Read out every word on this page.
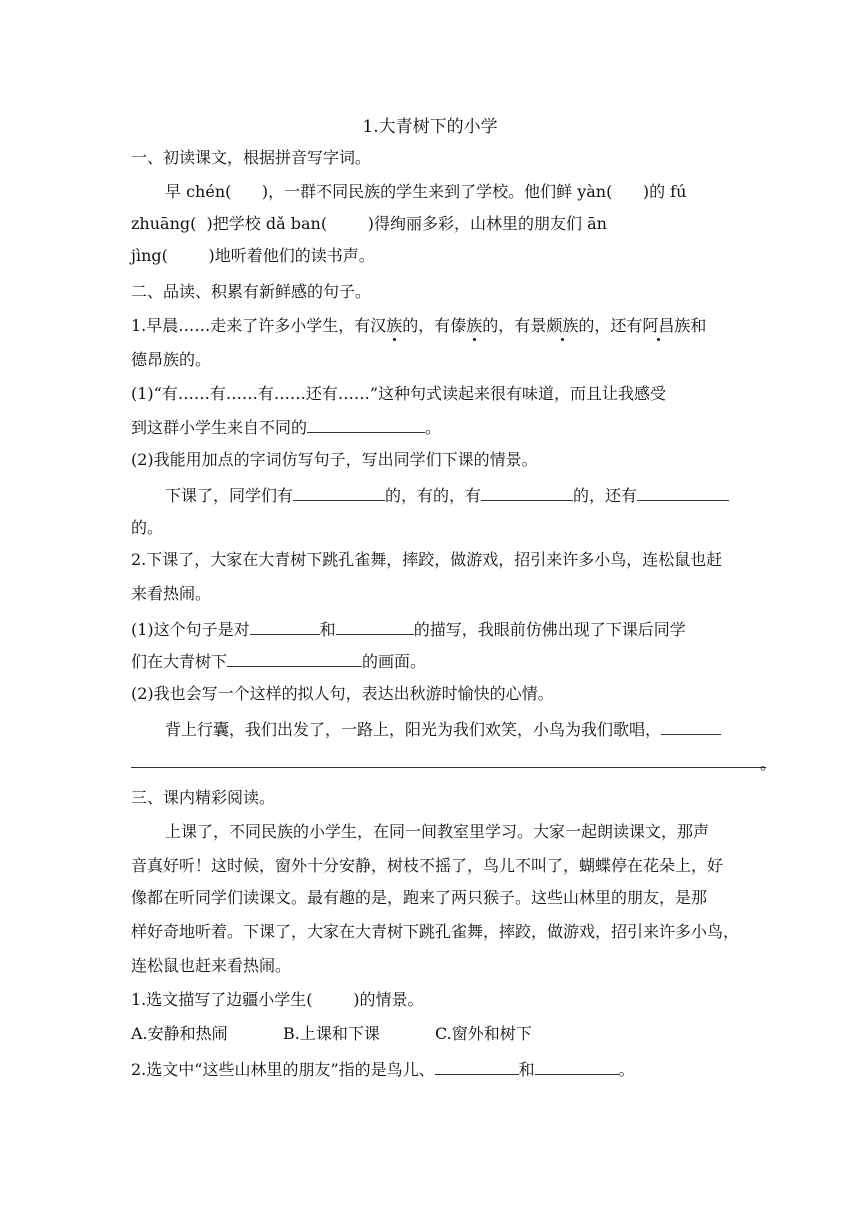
1.大青树下的小学
一、初读课文，根据拼音写字词。
早 chén(      )，一群不同民族的学生来到了学校。他们鲜 yàn(      )的 fú
zhuāng(  )把学校 dǎ ban(        )得绚丽多彩，山林里的朋友们 ān
jìng(        )地听着他们的读书声。
二、品读、积累有新鲜感的句子。
1.早晨……走来了许多小学生，有汉族的，有傣族的，有景颇族的，还有阿昌族和
德昂族的。
(1)“有……有……有……还有……”这种句式读起来很有味道，而且让我感受
到这群小学生来自不同的	。
(2)我能用加点的字词仿写句子，写出同学们下课的情景。
下课了，同学们有	的，有的，有	的，还有
的。
2.下课了，大家在大青树下跳孔雀舞，摔跤，做游戏，招引来许多小鸟，连松鼠也赶
来看热闹。
(1)这个句子是对	和	的描写，我眼前仿佛出现了下课后同学
们在大青树下	的画面。
(2)我也会写一个这样的拟人句，表达出秋游时愉快的心情。
背上行囊，我们出发了，一路上，阳光为我们欢笑，小鸟为我们歌唱，
。
三、课内精彩阅读。
上课了，不同民族的小学生，在同一间教室里学习。大家一起朗读课文，那声
音真好听！这时候，窗外十分安静，树枝不摇了，鸟儿不叫了，蝴蝶停在花朵上，好
像都在听同学们读课文。最有趣的是，跑来了两只猴子。这些山林里的朋友，是那
样好奇地听着。下课了，大家在大青树下跳孔雀舞，摔跤，做游戏，招引来许多小鸟，
连松鼠也赶来看热闹。
1.选文描写了边疆小学生(        )的情景。
A.安静和热闹	B.上课和下课	C.窗外和树下
2.选文中“这些山林里的朋友”指的是鸟儿、	和	。
